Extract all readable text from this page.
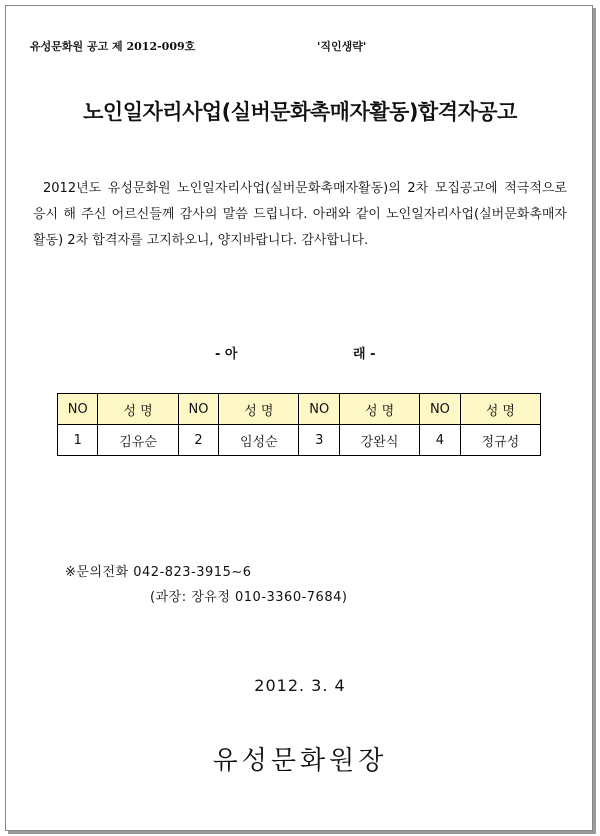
유성문화원 공고 제 2012-009호	'직인생략'
노인일자리사업(실버문화촉매자활동)합격자공고
2012년도 유성문화원 노인일자리사업(실버문화촉매자활동)의 2차 모집공고에 적극적으로 응시 해 주신 어르신들께 감사의 말씀 드립니다. 아래와 같이 노인일자리사업(실버문화촉매자활동) 2차 합격자를 고지하오니, 양지바랍니다. 감사합니다.
- 아	래 -
NO	성 명	NO	성 명	NO	성 명	NO	성 명
1	김유순	2	임성순	3	강완식	4	정규성
※문의전화 042-823-3915~6
(과장: 장유정 010-3360-7684)
2012. 3. 4
유성문화원장
